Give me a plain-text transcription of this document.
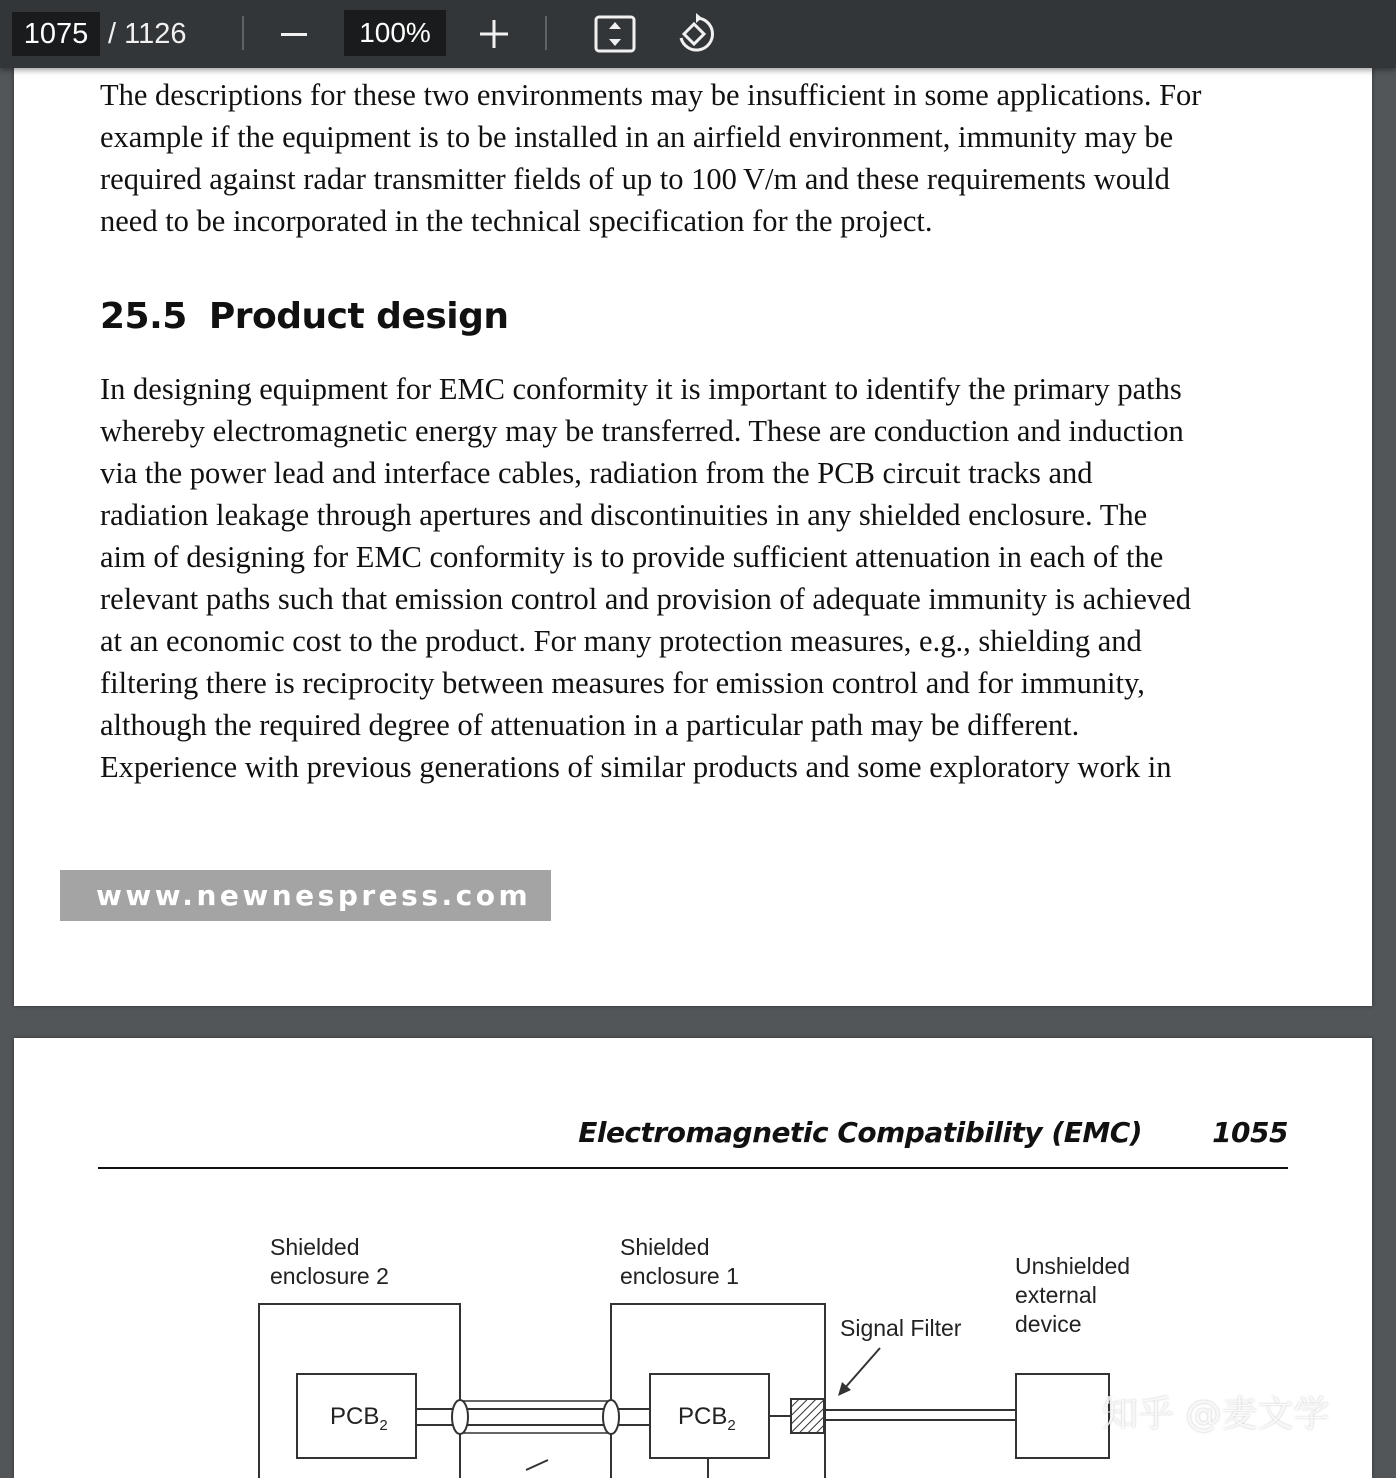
1075 / 1126	100%
The descriptions for these two environments may be insufficient in some applications. For
example if the equipment is to be installed in an airfield environment, immunity may be
required against radar transmitter fields of up to 100 V/m and these requirements would
need to be incorporated in the technical specification for the project.
25.5 Product design
In designing equipment for EMC conformity it is important to identify the primary paths
whereby electromagnetic energy may be transferred. These are conduction and induction
via the power lead and interface cables, radiation from the PCB circuit tracks and
radiation leakage through apertures and discontinuities in any shielded enclosure. The
aim of designing for EMC conformity is to provide sufficient attenuation in each of the
relevant paths such that emission control and provision of adequate immunity is achieved
at an economic cost to the product. For many protection measures, e.g., shielding and
filtering there is reciprocity between measures for emission control and for immunity,
although the required degree of attenuation in a particular path may be different.
Experience with previous generations of similar products and some exploratory work in
www.newnespress.com
Electromagnetic Compatibility (EMC)	1055
Shielded
enclosure 2
Shielded
enclosure 1
Signal Filter
Unshielded
external
device
$PCB_2$	$PCB_2$	知乎 @麦文学
